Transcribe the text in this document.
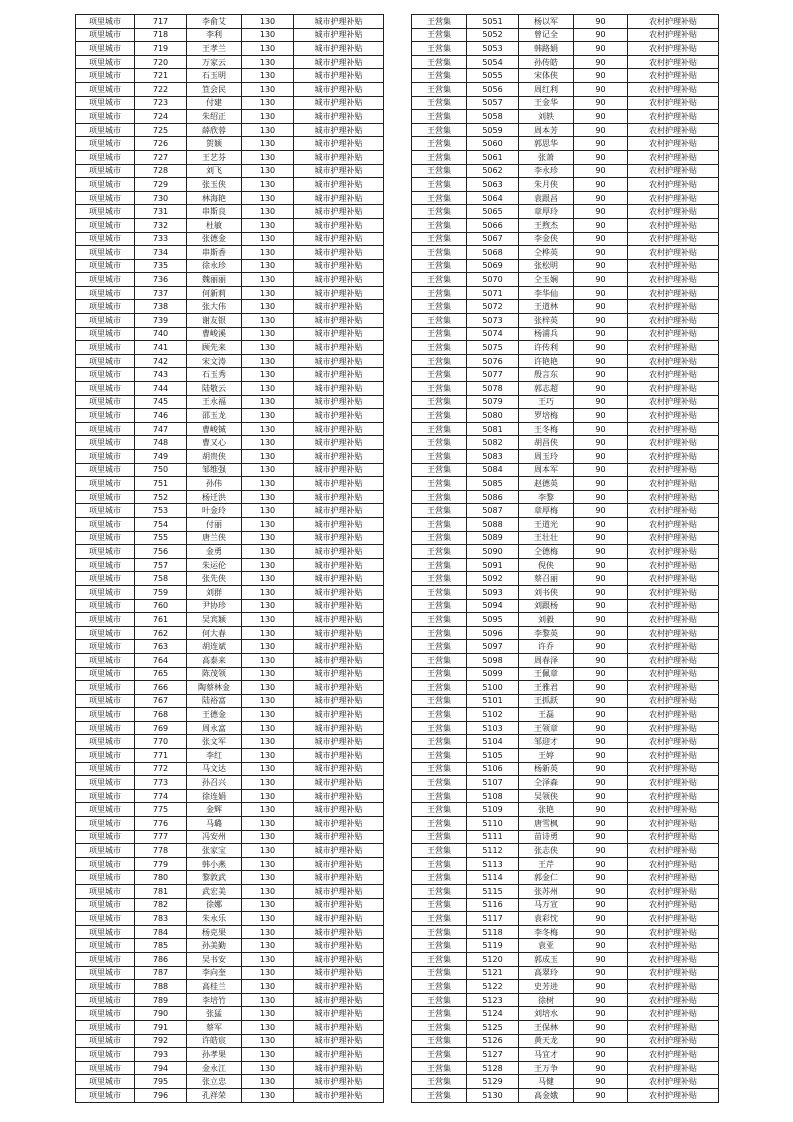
项里城市	717	李俞艾	130	城市护理补贴
项里城市	718	李利	130	城市护理补贴
项里城市	719	王孝兰	130	城市护理补贴
项里城市	720	万家云	130	城市护理补贴
项里城市	721	石玉明	130	城市护理补贴
项里城市	722	笪会民	130	城市护理补贴
项里城市	723	付建	130	城市护理补贴
项里城市	724	朱绍正	130	城市护理补贴
项里城市	725	薛欣蓉	130	城市护理补贴
项里城市	726	贺颖	130	城市护理补贴
项里城市	727	王艺芬	130	城市护理补贴
项里城市	728	刘飞	130	城市护理补贴
项里城市	729	张玉侠	130	城市护理补贴
项里城市	730	林海艳	130	城市护理补贴
项里城市	731	串斯良	130	城市护理补贴
项里城市	732	杜敏	130	城市护理补贴
项里城市	733	张德金	130	城市护理补贴
项里城市	734	串斯香	130	城市护理补贴
项里城市	735	徐永珍	130	城市护理补贴
项里城市	736	魏丽丽	130	城市护理补贴
项里城市	737	何新莉	130	城市护理补贴
项里城市	738	张大伟	130	城市护理补贴
项里城市	739	谢友银	130	城市护理补贴
项里城市	740	曹峻溪	130	城市护理补贴
项里城市	741	顾先来	130	城市护理补贴
项里城市	742	宋文涛	130	城市护理补贴
项里城市	743	石玉秀	130	城市护理补贴
项里城市	744	陆敬云	130	城市护理补贴
项里城市	745	王永福	130	城市护理补贴
项里城市	746	邵玉龙	130	城市护理补贴
项里城市	747	曹峻铖	130	城市护理补贴
项里城市	748	曹又心	130	城市护理补贴
项里城市	749	胡贵侠	130	城市护理补贴
项里城市	750	邹维强	130	城市护理补贴
项里城市	751	孙伟	130	城市护理补贴
项里城市	752	杨迁洪	130	城市护理补贴
项里城市	753	叶金玲	130	城市护理补贴
项里城市	754	付丽	130	城市护理补贴
项里城市	755	唐兰侠	130	城市护理补贴
项里城市	756	金勇	130	城市护理补贴
项里城市	757	朱运伦	130	城市护理补贴
项里城市	758	张先侠	130	城市护理补贴
项里城市	759	刘群	130	城市护理补贴
项里城市	760	尹协珍	130	城市护理补贴
项里城市	761	吴宾颖	130	城市护理补贴
项里城市	762	何大春	130	城市护理补贴
项里城市	763	胡连斌	130	城市护理补贴
项里城市	764	高泰来	130	城市护理补贴
项里城市	765	陈茂领	130	城市护理补贴
项里城市	766	陶蔡林金	130	城市护理补贴
项里城市	767	陆裕富	130	城市护理补贴
项里城市	768	王德金	130	城市护理补贴
项里城市	769	周永富	130	城市护理补贴
项里城市	770	张文军	130	城市护理补贴
项里城市	771	李红	130	城市护理补贴
项里城市	772	马文达	130	城市护理补贴
项里城市	773	孙召兴	130	城市护理补贴
项里城市	774	徐连娟	130	城市护理补贴
项里城市	775	金辉	130	城市护理补贴
项里城市	776	马璐	130	城市护理补贴
项里城市	777	冯安州	130	城市护理补贴
项里城市	778	张家宝	130	城市护理补贴
项里城市	779	韩小燕	130	城市护理补贴
项里城市	780	黎敦武	130	城市护理补贴
项里城市	781	武宏美	130	城市护理补贴
项里城市	782	徐娜	130	城市护理补贴
项里城市	783	朱永乐	130	城市护理补贴
项里城市	784	杨克果	130	城市护理补贴
项里城市	785	孙美勤	130	城市护理补贴
项里城市	786	吴书安	130	城市护理补贴
项里城市	787	李向奎	130	城市护理补贴
项里城市	788	高桂兰	130	城市护理补贴
项里城市	789	李培竹	130	城市护理补贴
项里城市	790	张猛	130	城市护理补贴
项里城市	791	蔡军	130	城市护理补贴
项里城市	792	许皓宸	130	城市护理补贴
项里城市	793	孙孝果	130	城市护理补贴
项里城市	794	金永江	130	城市护理补贴
项里城市	795	张立忠	130	城市护理补贴
项里城市	796	孔祥荣	130	城市护理补贴
王营集	5051	杨以军	90	农村护理补贴
王营集	5052	曾记全	90	农村护理补贴
王营集	5053	韩路娟	90	农村护理补贴
王营集	5054	孙传皓	90	农村护理补贴
王营集	5055	宋体侠	90	农村护理补贴
王营集	5056	周红利	90	农村护理补贴
王营集	5057	王金华	90	农村护理补贴
王营集	5058	刘轶	90	农村护理补贴
王营集	5059	周本芳	90	农村护理补贴
王营集	5060	郭思华	90	农村护理补贴
王营集	5061	张萧	90	农村护理补贴
王营集	5062	李永珍	90	农村护理补贴
王营集	5063	朱月侠	90	农村护理补贴
王营集	5064	袁跟昌	90	农村护理补贴
王营集	5065	章厚玲	90	农村护理补贴
王营集	5066	王煦杰	90	农村护理补贴
王营集	5067	李金侠	90	农村护理补贴
王营集	5068	仝桦英	90	农村护理补贴
王营集	5069	张松明	90	农村护理补贴
王营集	5070	仝玉娴	90	农村护理补贴
王营集	5071	李华仙	90	农村护理补贴
王营集	5072	王道林	90	农村护理补贴
王营集	5073	张梓英	90	农村护理补贴
王营集	5074	杨浦兵	90	农村护理补贴
王营集	5075	许传利	90	农村护理补贴
王营集	5076	许艳艳	90	农村护理补贴
王营集	5077	殷言东	90	农村护理补贴
王营集	5078	郭志超	90	农村护理补贴
王营集	5079	王巧	90	农村护理补贴
王营集	5080	罗培梅	90	农村护理补贴
王营集	5081	王冬梅	90	农村护理补贴
王营集	5082	胡昌侠	90	农村护理补贴
王营集	5083	周玉玲	90	农村护理补贴
王营集	5084	周本军	90	农村护理补贴
王营集	5085	赵德英	90	农村护理补贴
王营集	5086	李黎	90	农村护理补贴
王营集	5087	章厚梅	90	农村护理补贴
王营集	5088	王道光	90	农村护理补贴
王营集	5089	王壮壮	90	农村护理补贴
王营集	5090	仝德梅	90	农村护理补贴
王营集	5091	倪侠	90	农村护理补贴
王营集	5092	蔡召丽	90	农村护理补贴
王营集	5093	刘书侠	90	农村护理补贴
王营集	5094	刘跟杨	90	农村护理补贴
王营集	5095	刘毅	90	农村护理补贴
王营集	5096	李黎英	90	农村护理补贴
王营集	5097	许乔	90	农村护理补贴
王营集	5098	周春泽	90	农村护理补贴
王营集	5099	王佩章	90	农村护理补贴
王营集	5100	王雅君	90	农村护理补贴
王营集	5101	王抓跃	90	农村护理补贴
王营集	5102	王磊	90	农村护理补贴
王营集	5103	王领章	90	农村护理补贴
王营集	5104	邹迎才	90	农村护理补贴
王营集	5105	王婷	90	农村护理补贴
王营集	5106	杨新英	90	农村护理补贴
王营集	5107	仝泽森	90	农村护理补贴
王营集	5108	吴领侠	90	农村护理补贴
王营集	5109	张艳	90	农村护理补贴
王营集	5110	唐雪枫	90	农村护理补贴
王营集	5111	苗诗勇	90	农村护理补贴
王营集	5112	张志侠	90	农村护理补贴
王营集	5113	王芹	90	农村护理补贴
王营集	5114	郭金仁	90	农村护理补贴
王营集	5115	张苏州	90	农村护理补贴
王营集	5116	马万宣	90	农村护理补贴
王营集	5117	袁彩忱	90	农村护理补贴
王营集	5118	李冬梅	90	农村护理补贴
王营集	5119	袁亚	90	农村护理补贴
王营集	5120	郭成玉	90	农村护理补贴
王营集	5121	高翠玲	90	农村护理补贴
王营集	5122	史芳进	90	农村护理补贴
王营集	5123	徐树	90	农村护理补贴
王营集	5124	刘培水	90	农村护理补贴
王营集	5125	王保林	90	农村护理补贴
王营集	5126	黄天龙	90	农村护理补贴
王营集	5127	马宜才	90	农村护理补贴
王营集	5128	王万争	90	农村护理补贴
王营集	5129	马健	90	农村护理补贴
王营集	5130	高金娥	90	农村护理补贴
